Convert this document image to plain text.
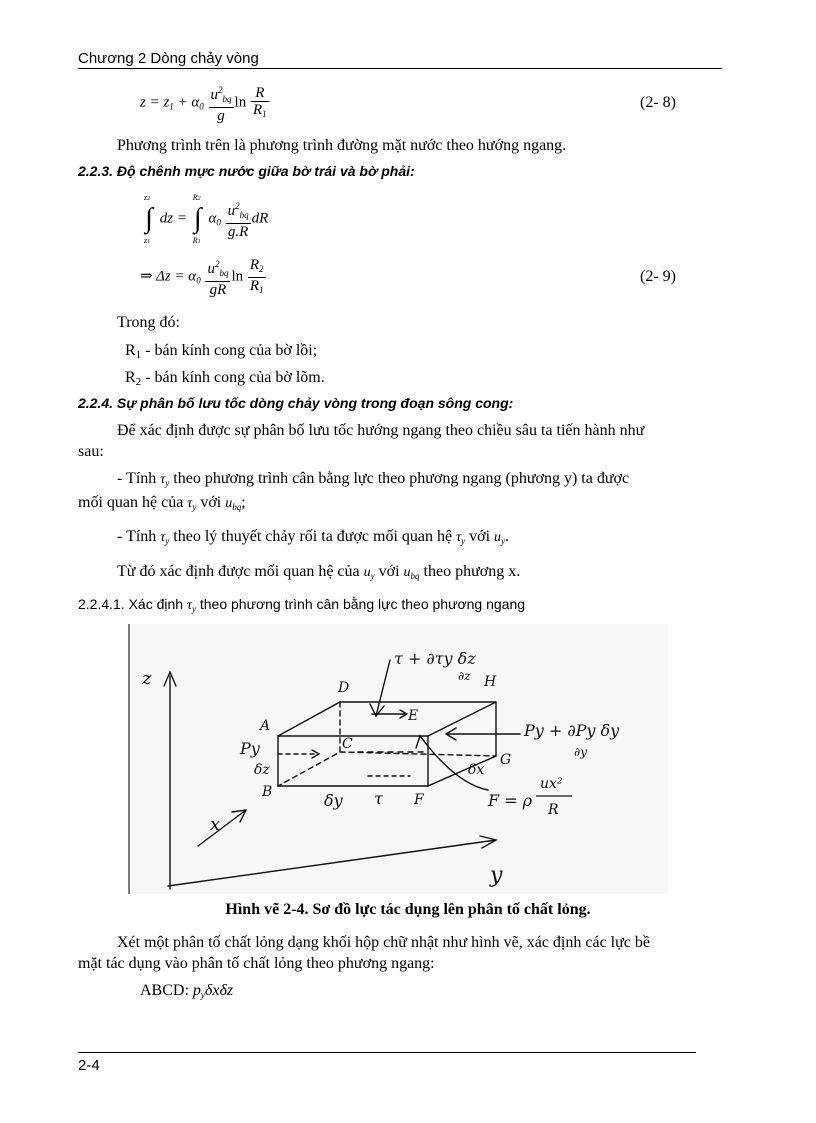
Chương 2 Dòng chảy vòng
$z = z_1 + \alpha_0 \frac{u^2_{bq}}{g}$ $\ln \frac{R}{R_1}$	(2- 8)
Phương trình trên là phương trình đường mặt nước theo hướng ngang.
2.2.3. Độ chênh mực nước giữa bờ trái và bờ phải:
z2
∫
z1
dz =
R2
∫
R1
$\alpha_0 \frac{u^2_{bq}}{g.R}$ dR
⇒ $\Delta z = \alpha_0 \frac{u^2_{bq}}{gR}$ $\ln \frac{R_2}{R_1}$	(2- 9)
Trong đó:
$R_1$ - bán kính cong của bờ lồi;
$R_2$ - bán kính cong của bờ lõm.
2.2.4. Sự phân bố lưu tốc dòng chảy vòng trong đoạn sông cong:
Để xác định được sự phân bố lưu tốc hướng ngang theo chiều sâu ta tiến hành như
sau:
- Tính $\tau_y$ theo phương trình cân bằng lực theo phương ngang (phương y) ta được
mối quan hệ của $\tau_y$ với $u_{bq}$;
- Tính $\tau_y$ theo lý thuyết chảy rối ta được mối quan hệ $\tau_y$ với $u_y$.
Từ đó xác định được mối quan hệ của $u_y$ với $u_{bq}$ theo phương x.
2.2.4.1. Xác định $\tau_y$ theo phương trình cân bằng lực theo phương ngang
z
y
x
A
B
C
D
E
F
G
H
τ + ∂τy δz
∂z
Py + ∂Py δy
∂y
Py
δz
δy τ
δx
F = ρ
ux²
R
Hình vẽ 2-4. Sơ đồ lực tác dụng lên phân tố chất lỏng.
Xét một phân tố chất lỏng dạng khối hộp chữ nhật như hình vẽ, xác định các lực bề
mặt tác dụng vào phân tố chất lỏng theo phương ngang:
ABCD: $p_y\delta x\delta z$
2-4
